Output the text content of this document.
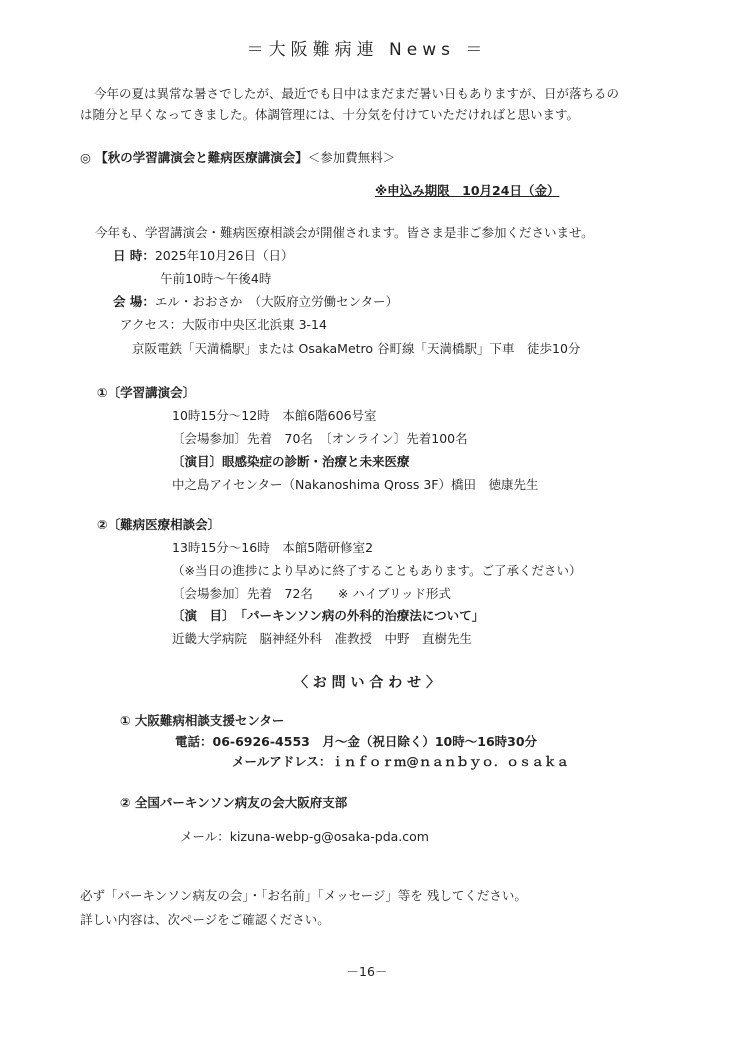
＝大阪難病連 News ＝
今年の夏は異常な暑さでしたが、最近でも日中はまだまだ暑い日もありますが、日が落ちるの
は随分と早くなってきました。体調管理には、十分気を付けていただければと思います。
◎ 【秋の学習講演会と難病医療講演会】＜参加費無料＞
※申込み期限　10月24日（金）
今年も、学習講演会・難病医療相談会が開催されます。皆さま是非ご参加くださいませ。
日 時：2025年10月26日（日）
午前10時～午後4時
会 場：エル・おおさか　（大阪府立労働センター）
アクセス：大阪市中央区北浜東 3-14
京阪電鉄「天満橋駅」または OsakaMetro 谷町線「天満橋駅」下車　徒歩10分
①〔学習講演会〕
10時15分～12時　本館6階606号室
〔会場参加〕先着　70名　〔オンライン〕先着100名
〔演目〕眼感染症の診断・治療と未来医療
中之島アイセンター（Nakanoshima Qross 3F）橋田　徳康先生
②〔難病医療相談会〕
13時15分～16時　本館5階研修室2
（※当日の進捗により早めに終了することもあります。ご了承ください）
〔会場参加〕先着　72名　　※ ハイブリッド形式
〔演　目〕　「パーキンソン病の外科的治療法について」
近畿大学病院　脳神経外科　准教授　中野　直樹先生
〈 お 問 い 合 わ せ 〉
① 大阪難病相談支援センター
電話：06-6926-4553　月～金（祝日除く）10時～16時30分
メールアドレス：ｉｎｆｏｒｍ@ｎａｎｂｙｏ．ｏｓａｋａ
② 全国パーキンソン病友の会大阪府支部
メール：kizuna-webp-g@osaka-pda.com
必ず「パーキンソン病友の会」・「お名前」「メッセージ」等を 残してください。
詳しい内容は、次ページをご確認ください。
－16－
